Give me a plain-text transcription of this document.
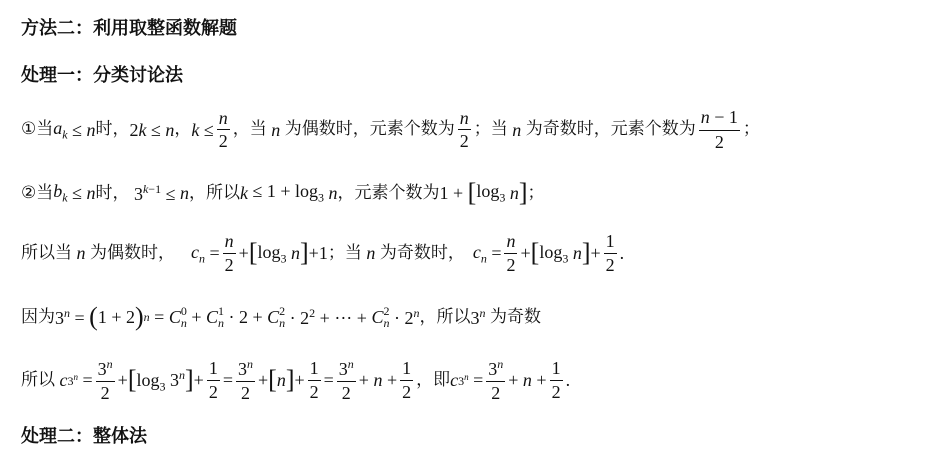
方法二：利用取整函数解题
处理一：分类讨论法
①当 $a_k \le n$ 时， 2 k ≤ n ， $k \le \frac{n}{2}$ ，当 n 为偶数时，元素个数为 $\frac{n}{2}$ ；当 n 为奇数时，元素个数为 $\frac{n - 1}{2}$ ；
②当 $b_k \le n$ 时， $3^{k-1} \le n$ ，所以 $k \le 1 + \log_3 n$ ，元素个数为 1 + [ $\log_3 n$ ] ；
所以当 n 为偶数时， $c_n = \frac{n}{2}$ + [ $\log_3 n$ ] +1 ；当 n 为奇数时， $c_n = \frac{n}{2}$ + [ $\log_3 n$ ] + $\frac{1}{2}$ .
因为 $3^n$ = ( 1 + 2 ) n = C 0
n + C 1
n · 2 + C 2
$n \cdot 2^2$ + ··· + C 2
$n \cdot 2^n$ ，所以 3$^n$ 为奇数
所以 c $3^n = \frac{3^n}{2}$ + [ $\log_3 3^n$ ] + $\frac{1}{2} = \frac{3^n}{2}$ + [ n ] + $\frac{1}{2} = \frac{3^n}{2} + n + \frac{1}{2}$ ，即 c $3^n = \frac{3^n}{2} + n + \frac{1}{2}$ .
处理二：整体法
